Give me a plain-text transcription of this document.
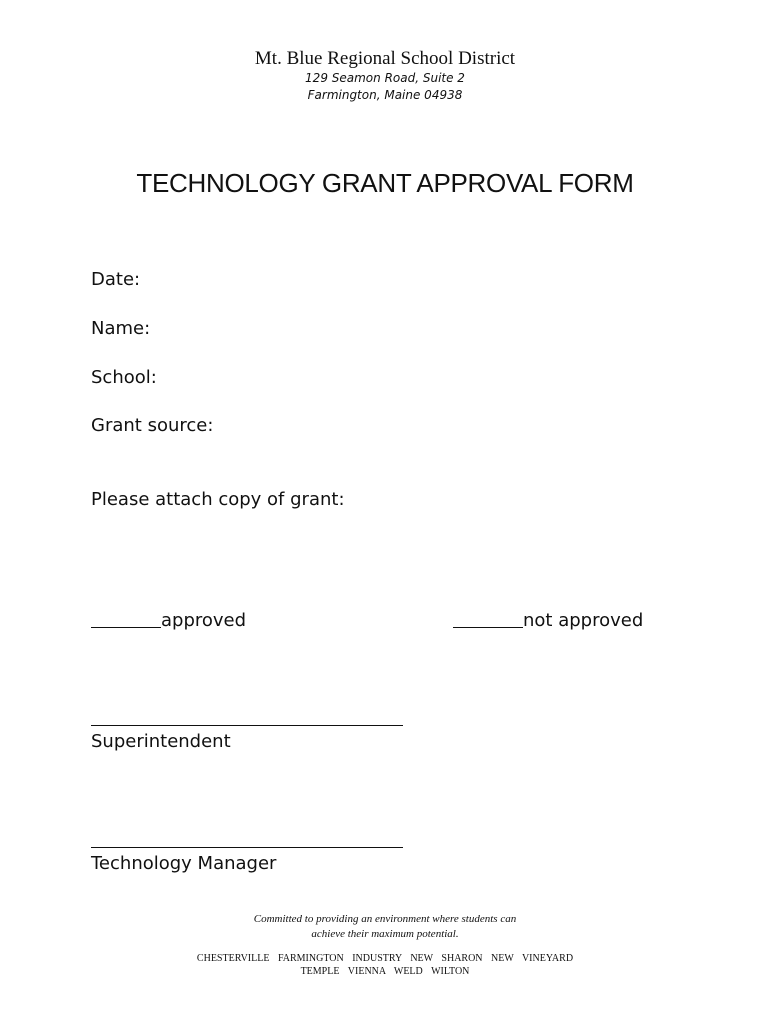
Mt. Blue Regional School District
129 Seamon Road, Suite 2
Farmington, Maine 04938
TECHNOLOGY GRANT APPROVAL FORM
Date:
Name:
School:
Grant source:
Please attach copy of grant:
approved	not approved
Superintendent
Technology Manager
Committed to providing an environment where students can
achieve their maximum potential.
CHESTERVILLE FARMINGTON INDUSTRY NEW SHARON NEW VINEYARD
TEMPLE VIENNA WELD WILTON
